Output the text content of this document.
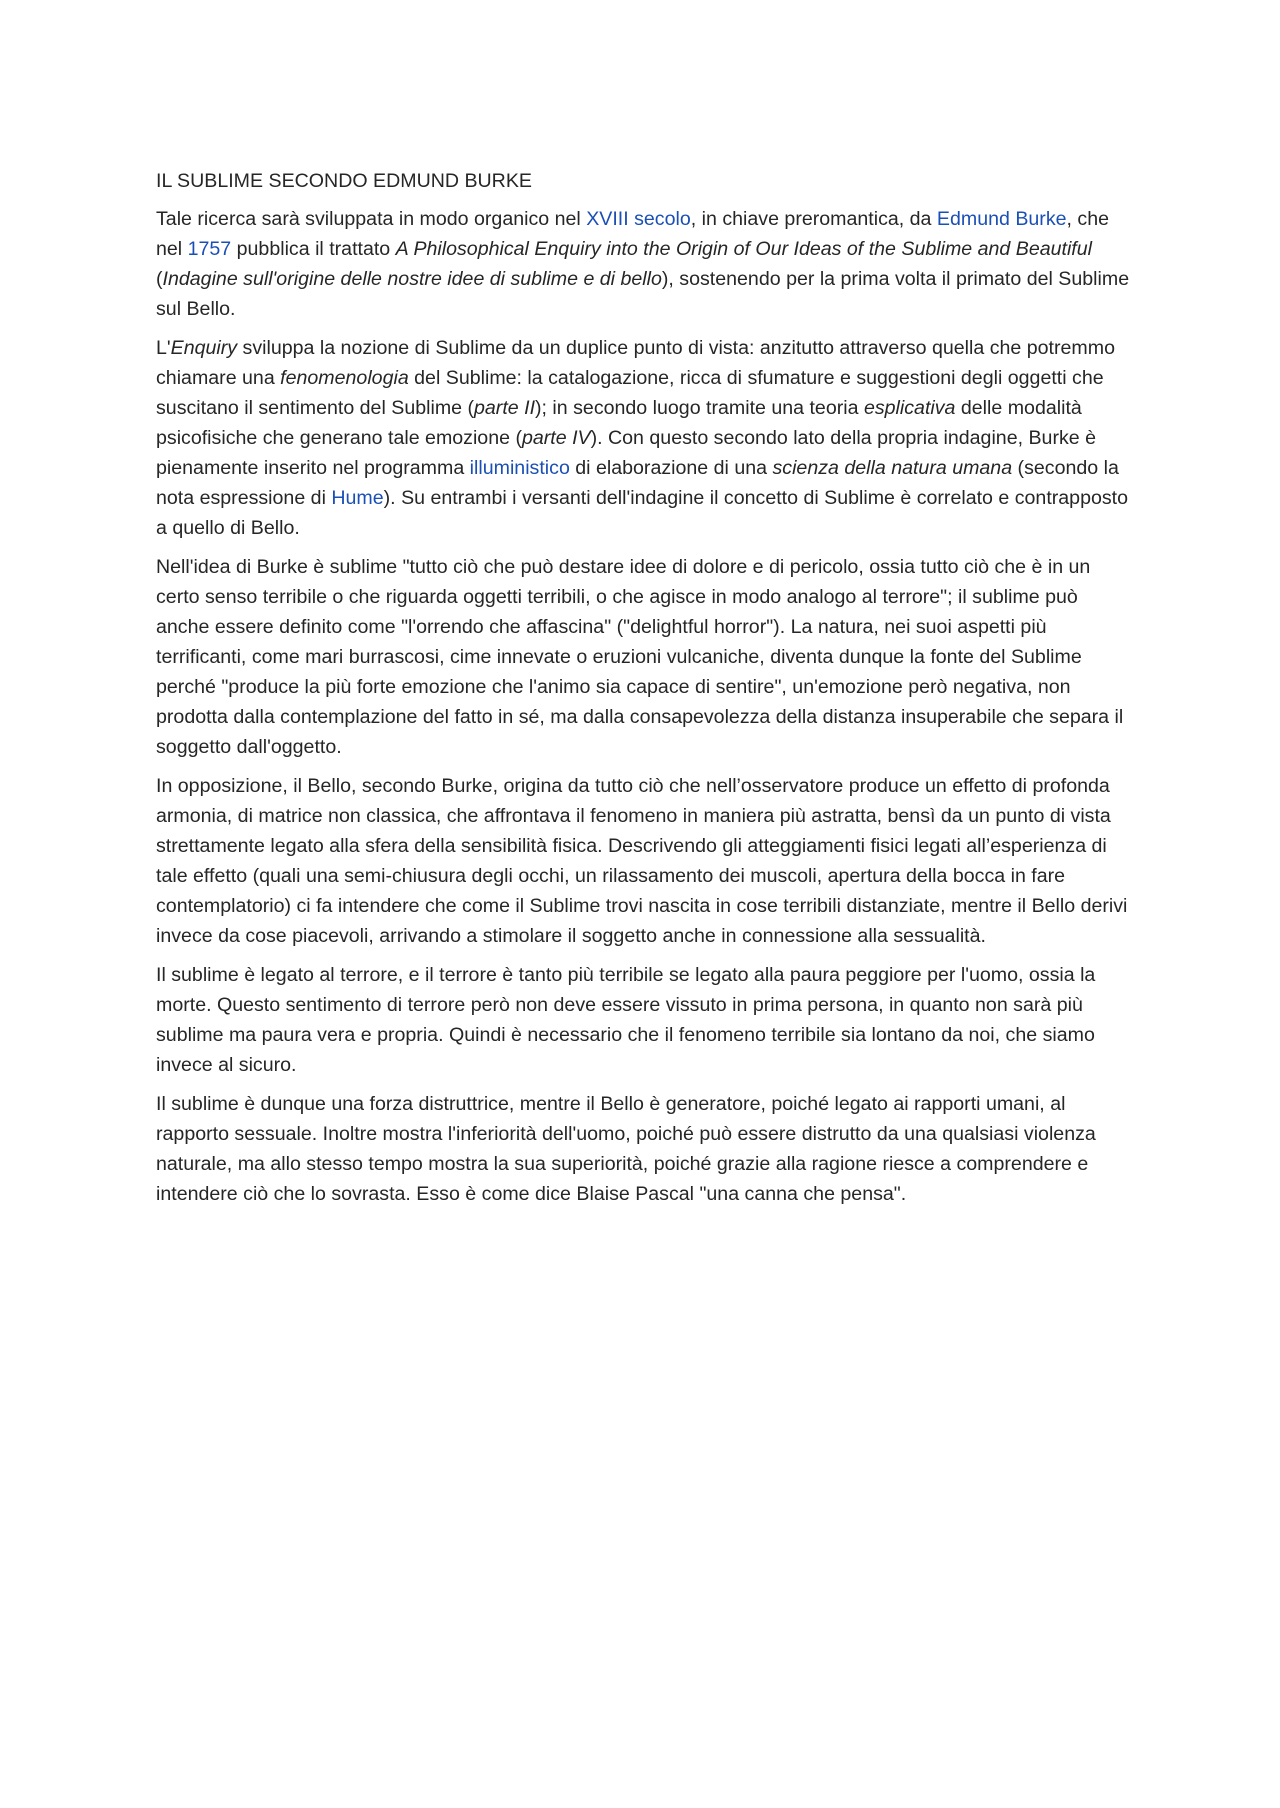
IL SUBLIME SECONDO EDMUND BURKE

Tale ricerca sarà sviluppata in modo organico nel XVIII secolo, in chiave preromantica, da Edmund Burke, che nel 1757 pubblica il trattato A Philosophical Enquiry into the Origin of Our Ideas of the Sublime and Beautiful (Indagine sull'origine delle nostre idee di sublime e di bello), sostenendo per la prima volta il primato del Sublime sul Bello.

L'Enquiry sviluppa la nozione di Sublime da un duplice punto di vista: anzitutto attraverso quella che potremmo chiamare una fenomenologia del Sublime: la catalogazione, ricca di sfumature e suggestioni degli oggetti che suscitano il sentimento del Sublime (parte II); in secondo luogo tramite una teoria esplicativa delle modalità psicofisiche che generano tale emozione (parte IV). Con questo secondo lato della propria indagine, Burke è pienamente inserito nel programma illuministico di elaborazione di una scienza della natura umana (secondo la nota espressione di Hume). Su entrambi i versanti dell'indagine il concetto di Sublime è correlato e contrapposto a quello di Bello.

Nell'idea di Burke è sublime "tutto ciò che può destare idee di dolore e di pericolo, ossia tutto ciò che è in un certo senso terribile o che riguarda oggetti terribili, o che agisce in modo analogo al terrore"; il sublime può anche essere definito come "l'orrendo che affascina" ("delightful horror"). La natura, nei suoi aspetti più terrificanti, come mari burrascosi, cime innevate o eruzioni vulcaniche, diventa dunque la fonte del Sublime perché "produce la più forte emozione che l'animo sia capace di sentire", un'emozione però negativa, non prodotta dalla contemplazione del fatto in sé, ma dalla consapevolezza della distanza insuperabile che separa il soggetto dall'oggetto.

In opposizione, il Bello, secondo Burke, origina da tutto ciò che nell’osservatore produce un effetto di profonda armonia, di matrice non classica, che affrontava il fenomeno in maniera più astratta, bensì da un punto di vista strettamente legato alla sfera della sensibilità fisica. Descrivendo gli atteggiamenti fisici legati all’esperienza di tale effetto (quali una semi-chiusura degli occhi, un rilassamento dei muscoli, apertura della bocca in fare contemplatorio) ci fa intendere che come il Sublime trovi nascita in cose terribili distanziate, mentre il Bello derivi invece da cose piacevoli, arrivando a stimolare il soggetto anche in connessione alla sessualità.

Il sublime è legato al terrore, e il terrore è tanto più terribile se legato alla paura peggiore per l'uomo, ossia la morte. Questo sentimento di terrore però non deve essere vissuto in prima persona, in quanto non sarà più sublime ma paura vera e propria. Quindi è necessario che il fenomeno terribile sia lontano da noi, che siamo invece al sicuro.

Il sublime è dunque una forza distruttrice, mentre il Bello è generatore, poiché legato ai rapporti umani, al rapporto sessuale. Inoltre mostra l'inferiorità dell'uomo, poiché può essere distrutto da una qualsiasi violenza naturale, ma allo stesso tempo mostra la sua superiorità, poiché grazie alla ragione riesce a comprendere e intendere ciò che lo sovrasta. Esso è come dice Blaise Pascal "una canna che pensa".
